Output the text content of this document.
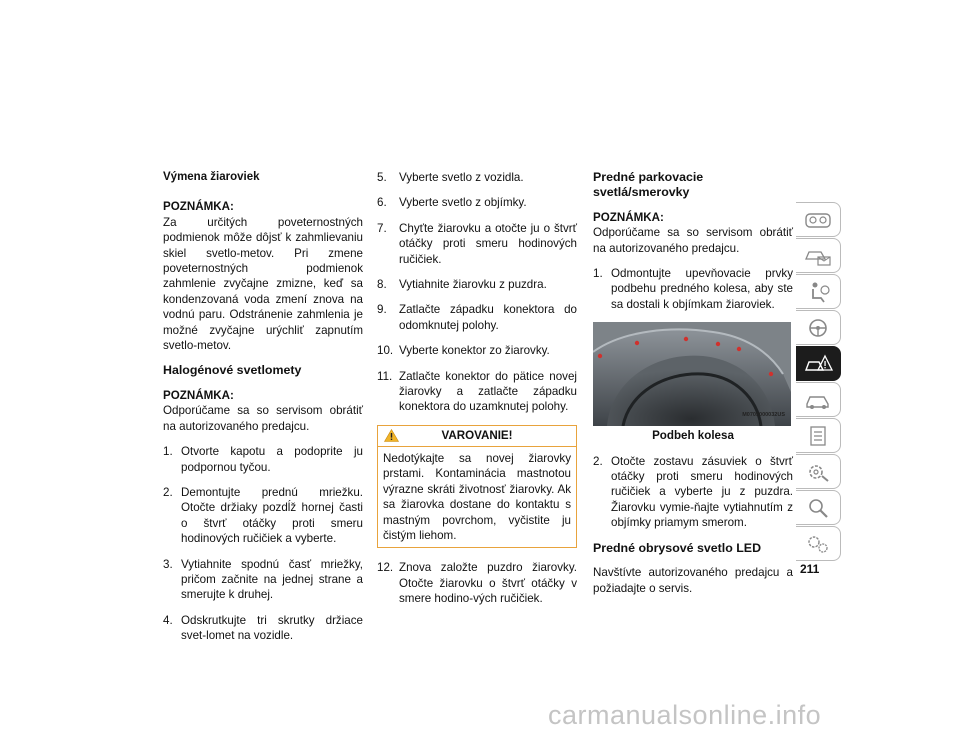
Výmena žiaroviek
POZNÁMKA:

Za určitých poveternostných podmienok môže dôjsť k zahmlievaniu skiel svetlo-metov. Pri zmene poveternostných podmienok zahmlenie zvyčajne zmizne, keď sa kondenzovaná voda zmení znova na vodnú paru. Odstránenie zahmlenia je možné zvyčajne urýchliť zapnutím svetlo-metov.

Halogénové svetlomety
POZNÁMKA:

Odporúčame sa so servisom obrátiť na autorizovaného predajcu.

1. Otvorte kapotu a podoprite ju podpornou tyčou.
2. Demontujte prednú mriežku. Otočte držiaky pozdĺž hornej časti o štvrť otáčky proti smeru hodinových ručičiek a vyberte.
3. Vytiahnite spodnú časť mriežky, pričom začnite na jednej strane a smerujte k druhej.
4. Odskrutkujte tri skrutky držiace svet-lomet na vozidle.
5.	Vyberte svetlo z vozidla.
6.	Vyberte svetlo z objímky.
7.	Chyťte žiarovku a otočte ju o štvrť otáčky proti smeru hodinových ručičiek.
8.	Vytiahnite žiarovku z puzdra.
9.	Zatlačte západku konektora do odomknutej polohy.
10. Vyberte konektor zo žiarovky.
11. Zatlačte konektor do pätice novej žiarovky a zatlačte západku konektora do uzamknutej polohy.
VAROVANIE!
Nedotýkajte sa novej žiarovky prstami. Kontaminácia mastnotou výrazne skráti životnosť žiarovky. Ak sa žiarovka dostane do kontaktu s mastným povrchom, vyčistite ju čistým liehom.
12. Znova založte puzdro žiarovky. Otočte žiarovku o štvrť otáčky v smere hodino-vých ručičiek.
Predné parkovacie svetlá/smerovky
POZNÁMKA:

Odporúčame sa so servisom obrátiť na autorizovaného predajcu.

1. Odmontujte upevňovacie prvky podbehu predného kolesa, aby ste sa dostali k objímkam žiaroviek.
M0705000032US
Podbeh kolesa
2. Otočte zostavu zásuviek o štvrť otáčky proti smeru hodinových ručičiek a vyberte ju z puzdra. Žiarovku vymie-ňajte vytiahnutím z objímky priamym smerom.
Predné obrysové svetlo LED

Navštívte autorizovaného predajcu a požiadajte o servis.

211
carmanualsonline.info
